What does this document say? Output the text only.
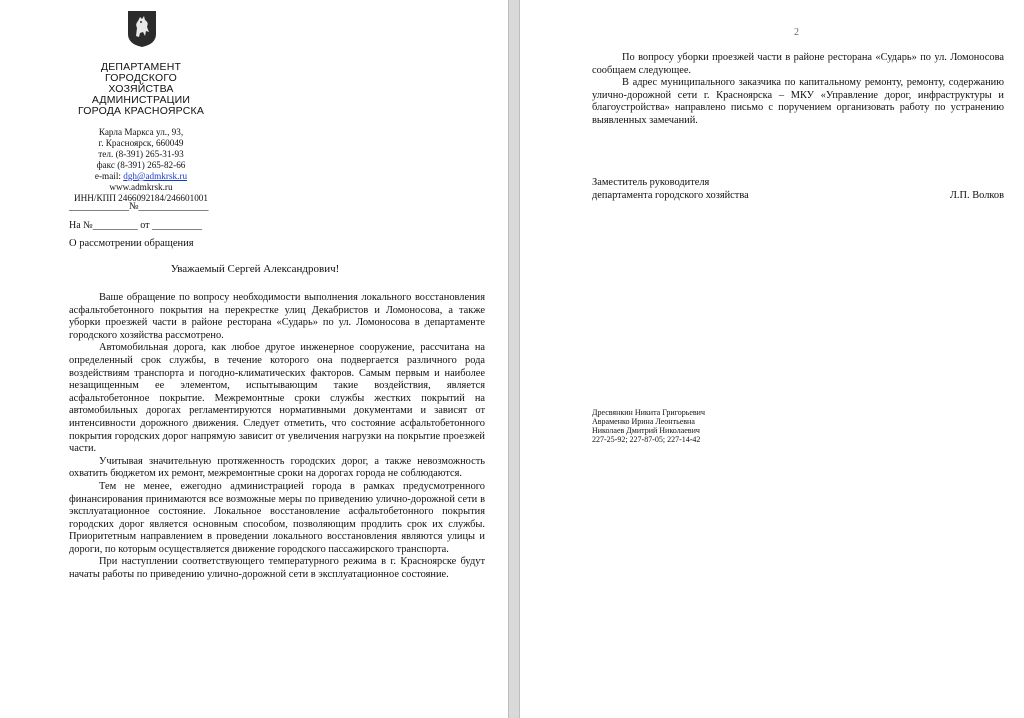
ДЕПАРТАМЕНТ
ГОРОДСКОГО
ХОЗЯЙСТВА
АДМИНИСТРАЦИИ
ГОРОДА КРАСНОЯРСКА
Карла Маркса ул., 93,
г. Красноярск, 660049
тел. (8-391) 265-31-93
факс (8-391) 265-82-66
e-mail: dgh@admkrsk.ru
www.admkrsk.ru
ИНН/КПП 2466092184/246601001
____________№______________
На №_________ от __________
О рассмотрении обращения
Уважаемый Сергей Александрович!

Ваше обращение по вопросу необходимости выполнения локального восстановления асфальтобетонного покрытия на перекрестке улиц Декабристов и Ломоносова, а также уборки проезжей части в районе ресторана «Сударь» по ул. Ломоносова в департаменте городского хозяйства рассмотрено.

Автомобильная дорога, как любое другое инженерное сооружение, рассчитана на определенный срок службы, в течение которого она подвергается различного рода воздействиям транспорта и погодно-климатических факторов. Самым первым и наиболее незащищенным ее элементом, испытывающим такие воздействия, является асфальтобетонное покрытие. Межремонтные сроки службы жестких покрытий на автомобильных дорогах регламентируются нормативными документами и зависят от интенсивности дорожного движения. Следует отметить, что состояние асфальтобетонного покрытия городских дорог напрямую зависит от увеличения нагрузки на покрытие проезжей части.

Учитывая значительную протяженность городских дорог, а также невозможность охватить бюджетом их ремонт, межремонтные сроки на дорогах города не соблюдаются.

Тем не менее, ежегодно администрацией города в рамках предусмотренного финансирования принимаются все возможные меры по приведению улично-дорожной сети в эксплуатационное состояние. Локальное восстановление асфальтобетонного покрытия городских дорог является основным способом, позволяющим продлить срок их службы. Приоритетным направлением в проведении локального восстановления являются улицы и дороги, по которым осуществляется движение городского пассажирского транспорта.

При наступлении соответствующего температурного режима в г. Красноярске будут начаты работы по приведению улично-дорожной сети в эксплуатационное состояние.

2

По вопросу уборки проезжей части в районе ресторана «Сударь» по ул. Ломоносова сообщаем следующее.

В адрес муниципального заказчика по капитальному ремонту, ремонту, содержанию улично-дорожной сети г. Красноярска – МКУ «Управление дорог, инфраструктуры и благоустройства» направлено письмо с поручением организовать работу по устранению выявленных замечаний.

Заместитель руководителя
департамента городского хозяйства	Л.П. Волков
Дресвянкин Никита Григорьевич
Авраменко Ирина Леонтьевна
Николаев Дмитрий Николаевич
227-25-92; 227-87-05; 227-14-42
